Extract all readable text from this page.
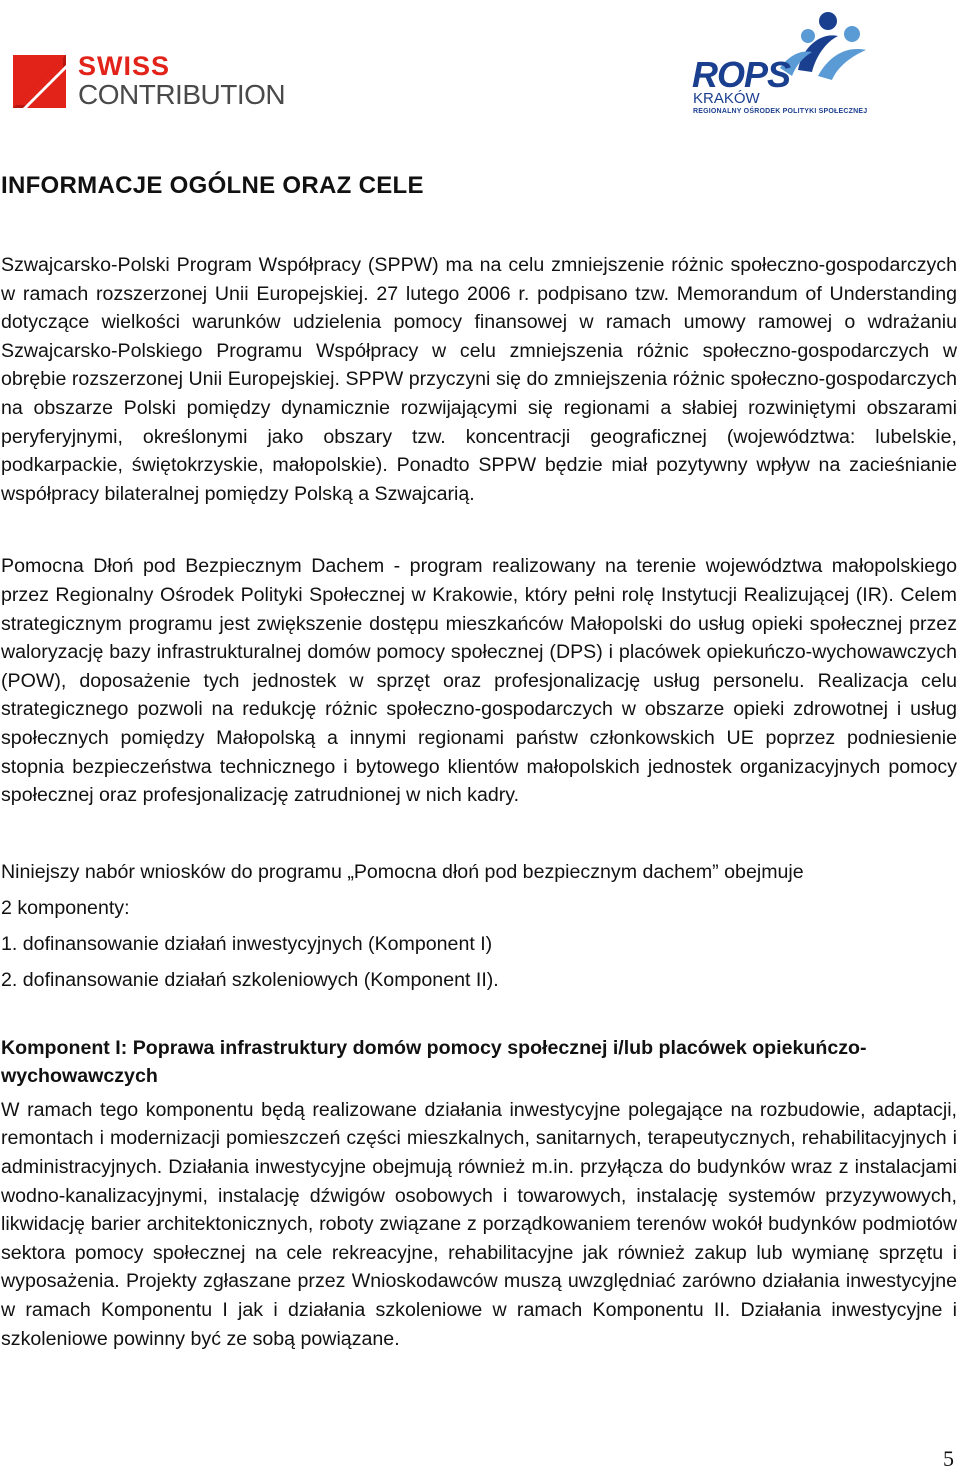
SWISS
CONTRIBUTION	ROPS
KRAKÓW
REGIONALNY OŚRODEK POLITYKI SPOŁECZNEJ
INFORMACJE OGÓLNE ORAZ CELE

Szwajcarsko-Polski Program Współpracy (SPPW) ma na celu zmniejszenie różnic społeczno-gospodarczych w ramach rozszerzonej Unii Europejskiej. 27 lutego 2006 r. podpisano tzw. Memorandum of Understanding dotyczące wielkości warunków udzielenia pomocy finansowej w ramach umowy ramowej o wdrażaniu Szwajcarsko-Polskiego Programu Współpracy w celu zmniejszenia różnic społeczno-gospodarczych w obrębie rozszerzonej Unii Europejskiej. SPPW przyczyni się do zmniejszenia różnic społeczno-gospodarczych na obszarze Polski pomiędzy dynamicznie rozwijającymi się regionami a słabiej rozwiniętymi obszarami peryferyjnymi, określonymi jako obszary tzw. koncentracji geograficznej (województwa: lubelskie, podkarpackie, świętokrzyskie, małopolskie). Ponadto SPPW będzie miał pozytywny wpływ na zacieśnianie współpracy bilateralnej pomiędzy Polską a Szwajcarią.

Pomocna Dłoń pod Bezpiecznym Dachem - program realizowany na terenie województwa małopolskiego przez Regionalny Ośrodek Polityki Społecznej w Krakowie, który pełni rolę Instytucji Realizującej (IR). Celem strategicznym programu jest zwiększenie dostępu mieszkańców Małopolski do usług opieki społecznej przez waloryzację bazy infrastrukturalnej domów pomocy społecznej (DPS) i placówek opiekuńczo-wychowawczych (POW), doposażenie tych jednostek w sprzęt oraz profesjonalizację usług personelu. Realizacja celu strategicznego pozwoli na redukcję różnic społeczno-gospodarczych w obszarze opieki zdrowotnej i usług społecznych pomiędzy Małopolską a innymi regionami państw członkowskich UE poprzez podniesienie stopnia bezpieczeństwa technicznego i bytowego klientów małopolskich jednostek organizacyjnych pomocy społecznej oraz profesjonalizację zatrudnionej w nich kadry.

Niniejszy nabór wniosków do programu „Pomocna dłoń pod bezpiecznym dachem” obejmuje

2 komponenty:

1. dofinansowanie działań inwestycyjnych (Komponent I)

2. dofinansowanie działań szkoleniowych (Komponent II).

Komponent I: Poprawa infrastruktury domów pomocy społecznej i/lub placówek opiekuńczo-wychowawczych

W ramach tego komponentu będą realizowane działania inwestycyjne polegające na rozbudowie, adaptacji, remontach i modernizacji pomieszczeń części mieszkalnych, sanitarnych, terapeutycznych, rehabilitacyjnych i administracyjnych. Działania inwestycyjne obejmują również m.in. przyłącza do budynków wraz z instalacjami wodno-kanalizacyjnymi, instalację dźwigów osobowych i towarowych, instalację systemów przyzywowych, likwidację barier architektonicznych, roboty związane z porządkowaniem terenów wokół budynków podmiotów sektora pomocy społecznej na cele rekreacyjne, rehabilitacyjne jak również zakup lub wymianę sprzętu i wyposażenia. Projekty zgłaszane przez Wnioskodawców muszą uwzględniać zarówno działania inwestycyjne w ramach Komponentu I jak i działania szkoleniowe w ramach Komponentu II. Działania inwestycyjne i szkoleniowe powinny być ze sobą powiązane.

5
